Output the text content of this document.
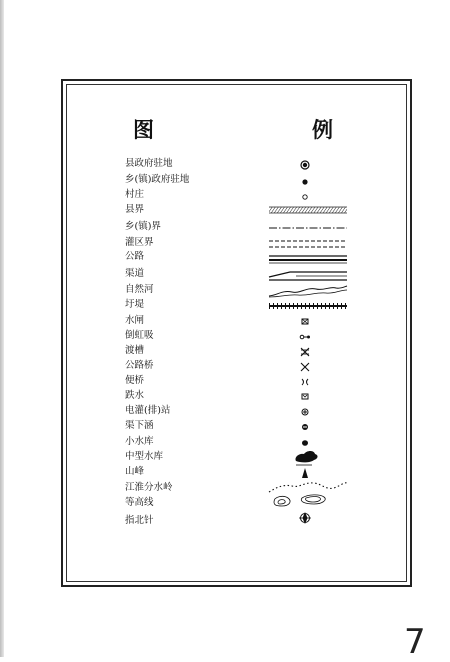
图	例
县政府驻地
乡(镇)政府驻地
村庄
县界
乡(镇)界
灌区界
公路
渠道
自然河
圩堤
水闸
倒虹吸
渡槽
公路桥
便桥
跌水
电灌(排)站
渠下涵
小水库
中型水库
山峰
江淮分水岭
等高线
指北针
7
